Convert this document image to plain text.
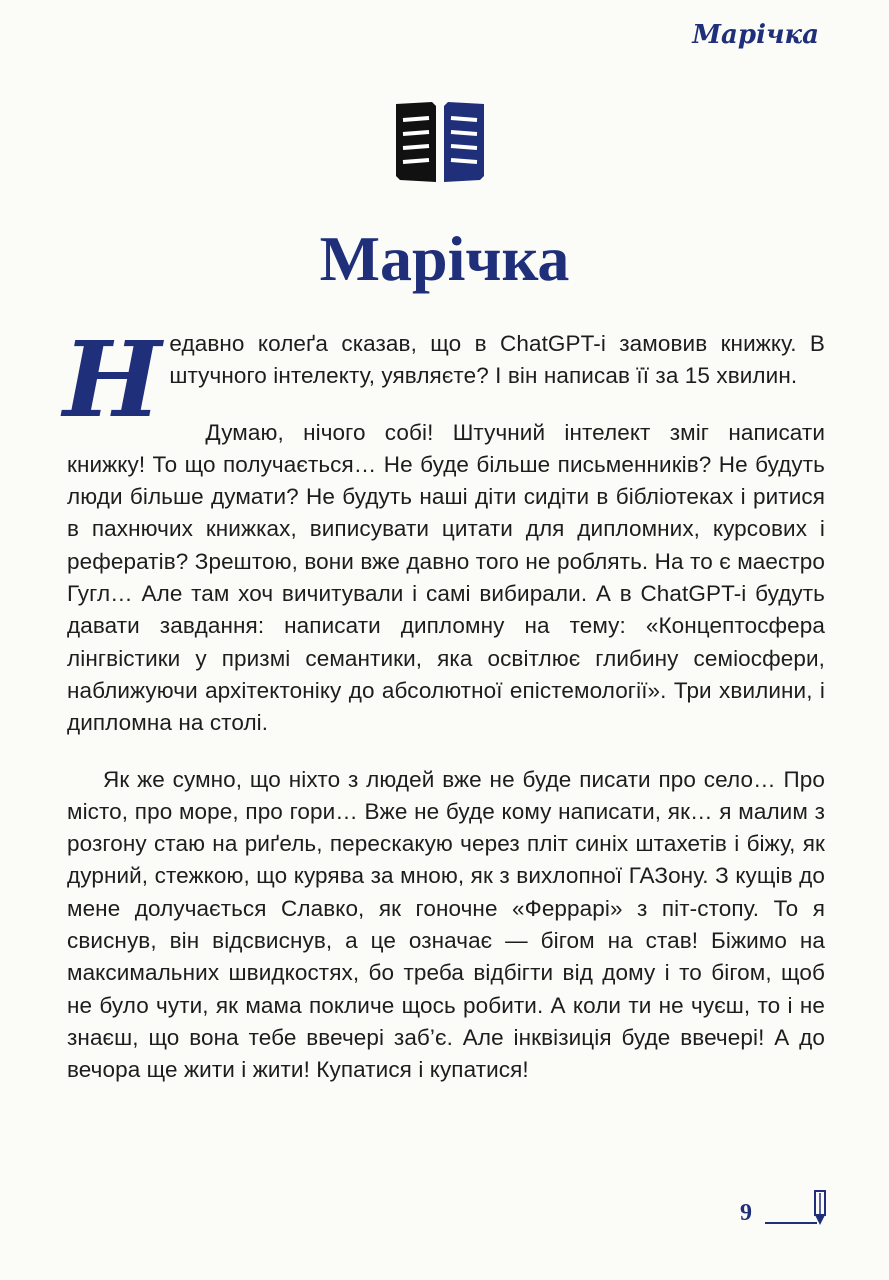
Марічка
Марічка

Недавно колеґа сказав, що в ChatGPT-і замовив книжку. В штучного інтелекту, уявляєте? І він написав її за 15 хвилин.

Думаю, нічого собі! Штучний інтелект зміг написати книжку! То що получається… Не буде більше письменників? Не будуть люди більше думати? Не будуть наші діти сидіти в бібліотеках і ритися в пахнючих книжках, виписувати цитати для дипломних, курсових і рефератів? Зрештою, вони вже давно того не роблять. На то є маестро Гугл… Але там хоч вичитували і самі вибирали. А в ChatGPT-і будуть давати завдання: написати дипломну на тему: «Концептосфера лінгвістики у призмі семантики, яка освітлює глибину семіосфери, наближуючи архітектоніку до абсолютної епістемології». Три хвилини, і дипломна на столі.

Як же сумно, що ніхто з людей вже не буде писати про село… Про місто, про море, про гори… Вже не буде кому написати, як… я малим з розгону стаю на риґель, перескакую через пліт синіх штахетів і біжу, як дурний, стежкою, що курява за мною, як з вихлопної ГАЗону. З кущів до мене долучається Славко, як гоночне «Феррарі» з піт-стопу. То я свиснув, він відсвиснув, а це означає — бігом на став! Біжимо на максимальних швидкостях, бо треба відбігти від дому і то бігом, щоб не було чути, як мама покличе щось робити. А коли ти не чуєш, то і не знаєш, що вона тебе ввечері заб’є. Але інквізиція буде ввечері! А до вечора ще жити і жити! Купатися і купатися!

9
